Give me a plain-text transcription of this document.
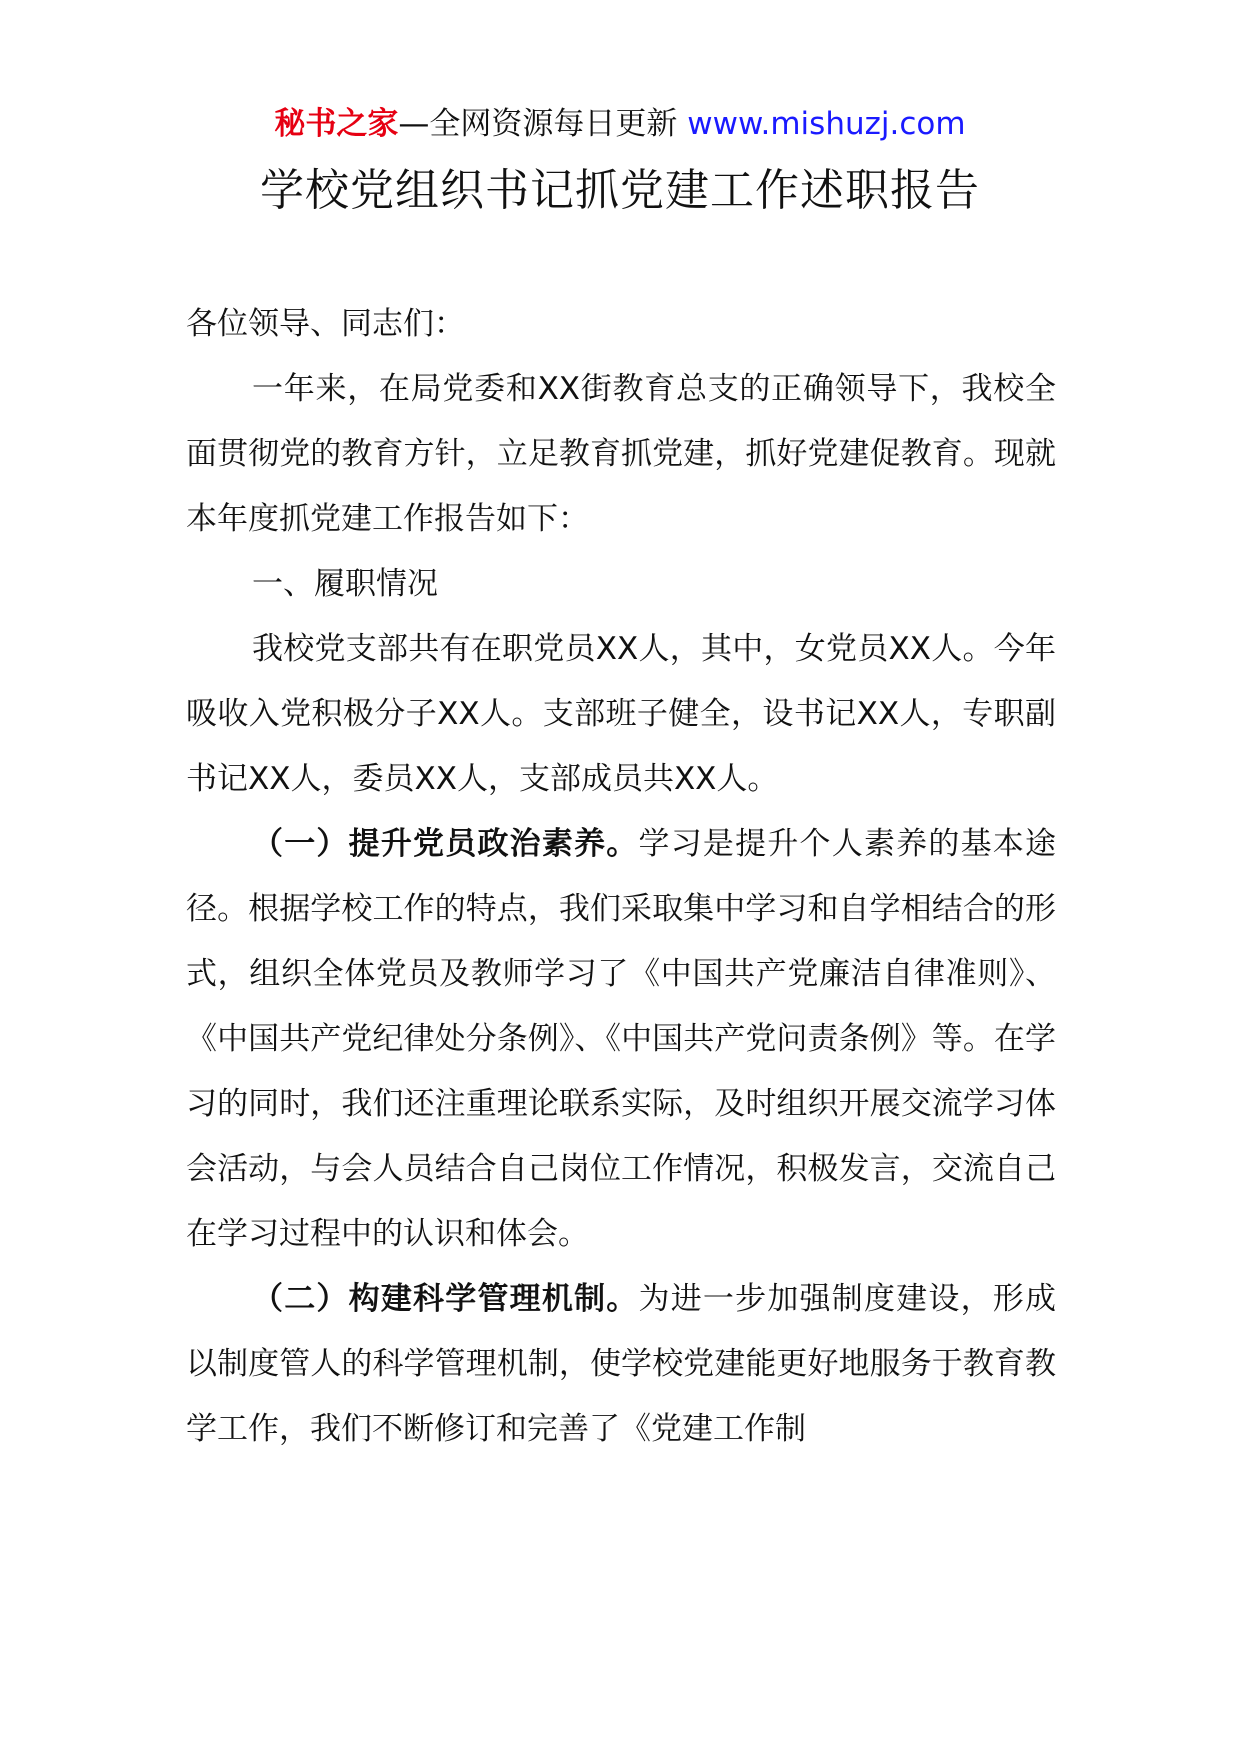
秘书之家—全网资源每日更新 www.mishuzj.com
学校党组织书记抓党建工作述职报告

各位领导、同志们：

一年来，在局党委和XX街教育总支的正确领导下，我校全面贯彻党的教育方针，立足教育抓党建，抓好党建促教育。现就本年度抓党建工作报告如下：

一、履职情况

我校党支部共有在职党员XX人，其中，女党员XX人。今年吸收入党积极分子XX人。支部班子健全，设书记XX人，专职副书记XX人，委员XX人，支部成员共XX人。

（一）提升党员政治素养。学习是提升个人素养的基本途径。根据学校工作的特点，我们采取集中学习和自学相结合的形式，组织全体党员及教师学习了《中国共产党廉洁自律准则》、《中国共产党纪律处分条例》、《中国共产党问责条例》等。在学习的同时，我们还注重理论联系实际，及时组织开展交流学习体会活动，与会人员结合自己岗位工作情况，积极发言，交流自己在学习过程中的认识和体会。

（二）构建科学管理机制。为进一步加强制度建设，形成以制度管人的科学管理机制，使学校党建能更好地服务于教育教学工作，我们不断修订和完善了《党建工作制
